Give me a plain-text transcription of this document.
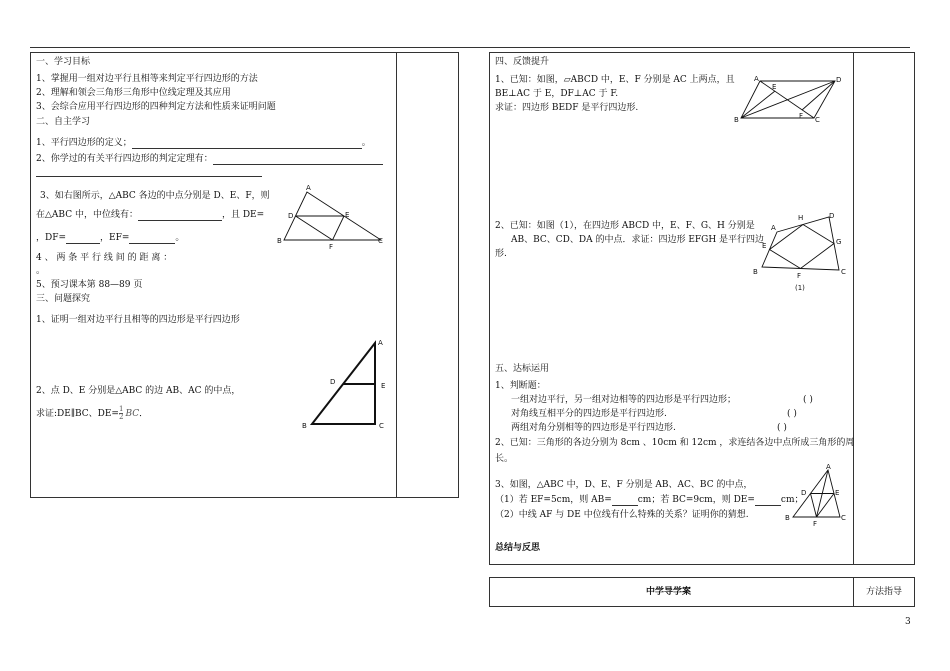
一、学习目标
1、掌握用一组对边平行且相等来判定平行四边形的方法
2、理解和领会三角形三角形中位线定理及其应用
3、会综合应用平行四边形的四种判定方法和性质来证明问题
二、自主学习
1、平行四边形的定义；	。
2、你学过的有关平行四边形的判定定理有：
3、如右图所示，△ABC 各边的中点分别是 D、E、F，则
在△ABC 中，中位线有：	，且 DE=
，DF=	，EF=	。
A
D	E
B	C
F
4 、 两 条 平 行 线 间 的 距 离 ：
。
5、预习课本第 88—89 页
三、问题探究
1、证明一组对边平行且相等的四边形是平行四边形
2、点 D、E 分别是△ABC 的边 AB、AC 的中点，
求证:DE∥BC、$DE= \frac{1}{2}$ BC．
A
D	E
B	C
四、反馈提升
1、已知：如图，▱ABCD 中，E、F 分别是 AC 上两点，且
BE⊥AC 于 E，DF⊥AC 于 F.
求证：四边形 BEDF 是平行四边形.
A	D
E
F
B	C
2、已知：如图（1），在四边形 ABCD 中，E、F、G、H 分别是
AB、BC、CD、DA 的中点．求证：四边形 EFGH 是平行四边
形.
A
H	D
E	G
B	F	C
(1)
五、达标运用
1、判断题：
一组对边平行，另一组对边相等的四边形是平行四边形；	( )
对角线互相平分的四边形是平行四边形.	( )
两组对角分别相等的四边形是平行四边形.	( )
2、已知：三角形的各边分别为 8cm 、10cm 和 12cm ，求连结各边中点所成三角形的周
长。
3、如图，△ABC 中，D、E、F 分别是 AB、AC、BC 的中点，
（1）若 EF=5cm，则 AB=	cm；若 BC=9cm，则 DE=	cm；
（2）中线 AF 与 DE 中位线有什么特殊的关系？证明你的猜想.
A
D	E
B	C
F
总结与反思
中学导学案	方法指导
3
